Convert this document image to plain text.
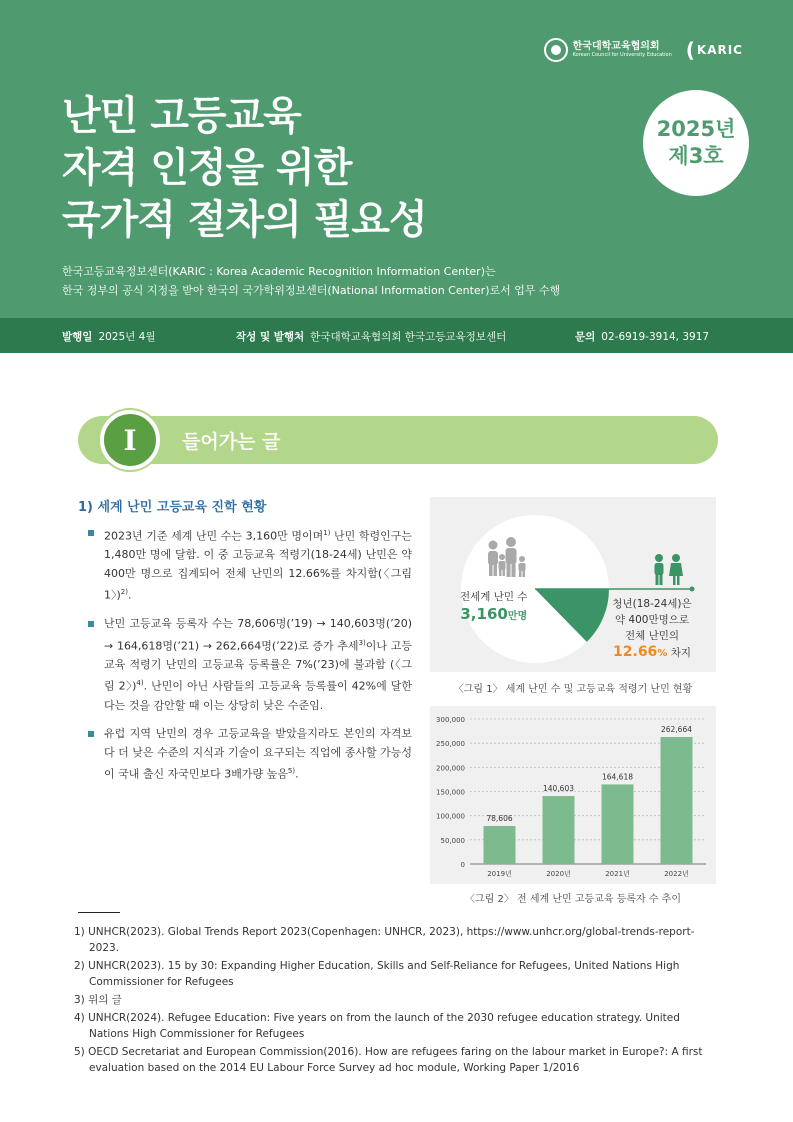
한국대학교육협의회
Korean Council for University Education ( KARIC
난민 고등교육
자격 인정을 위한
국가적 절차의 필요성
2025년
제3호
한국고등교육정보센터(KARIC : Korea Academic Recognition Information Center)는
한국 정부의 공식 지정을 받아 한국의 국가학위정보센터(National Information Center)로서 업무 수행
발행일 2025년 4월	작성 및 발행처 한국대학교육협의회 한국고등교육정보센터	문의 02-6919-3914, 3917
I	들어가는 글
1) 세계 난민 고등교육 진학 현황
2023년 기준 세계 난민 수는 3,160만 명이며$^{1)}$ 난민 학령인구는 1,480만 명에 달함. 이 중 고등교육 적령기(18-24세) 난민은 약 400만 명으로 집계되어 전체 난민의 12.66%를 차지함(〈그림 1〉)$^{2)}$.
난민 고등교육 등록자 수는 78,606명(’19) → 140,603명(’20) → 164,618명(’21) → 262,664명(’22)로 증가 추세$^{3)}$이나 고등교육 적령기 난민의 고등교육 등록률은 7%(’23)에 불과함 (〈그림 2〉)$^{4)}$. 난민이 아닌 사람들의 고등교육 등록률이 42%에 달한다는 것을 감안할 때 이는 상당히 낮은 수준임.
유럽 지역 난민의 경우 고등교육을 받았을지라도 본인의 자격보다 더 낮은 수준의 지식과 기술이 요구되는 직업에 종사할 가능성이 국내 출신 자국민보다 3배가량 높음$^{5)}$.
전세계 난민 수
3,160만명
청년(18-24세)은
약 400만명으로
전체 난민의
12.66% 차지
〈그림 1〉 세계 난민 수 및 고등교육 적령기 난민 현황
0
50,000
100,000
150,000
200,000
250,000
300,000
78,606
2019년
140,603
2020년
164,618
2021년
262,664
2022년
〈그림 2〉 전 세계 난민 고등교육 등록자 수 추이
1) UNHCR(2023). Global Trends Report 2023(Copenhagen: UNHCR, 2023), https://www.unhcr.org/global-trends-report-2023.
2) UNHCR(2023). 15 by 30: Expanding Higher Education, Skills and Self-Reliance for Refugees, United Nations High Commissioner for Refugees
3) 위의 글
4) UNHCR(2024). Refugee Education: Five years on from the launch of the 2030 refugee education strategy. United Nations High Commissioner for Refugees
5) OECD Secretariat and European Commission(2016). How are refugees faring on the labour market in Europe?: A first evaluation based on the 2014 EU Labour Force Survey ad hoc module, Working Paper 1/2016
